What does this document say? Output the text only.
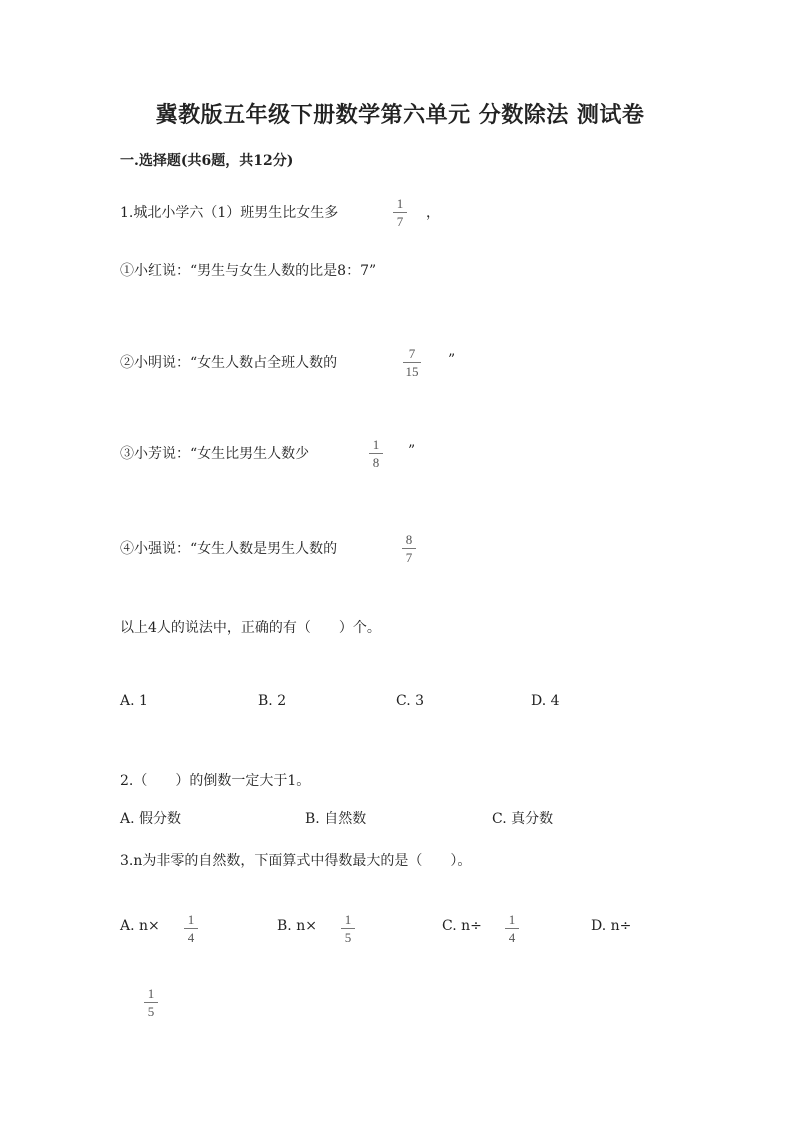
冀教版五年级下册数学第六单元 分数除法 测试卷
一.选择题(共6题，共12分)
1.城北小学六（1）班男生比女生多
1
7
，
①小红说：“男生与女生人数的比是8：7”
②小明说：“女生人数占全班人数的
7
15
”
③小芳说：“女生比男生人数少
1
8
”
④小强说：“女生人数是男生人数的
8
7
以上4人的说法中，正确的有（　　）个。
A. 1	B. 2	C. 3	D. 4
2.（　　）的倒数一定大于1。
A. 假分数	B. 自然数	C. 真分数
3.n为非零的自然数，下面算式中得数最大的是（　　）。
A. n× 1
4
B. n× 1
5
C. n÷ 1
4
D. n÷
1
5
